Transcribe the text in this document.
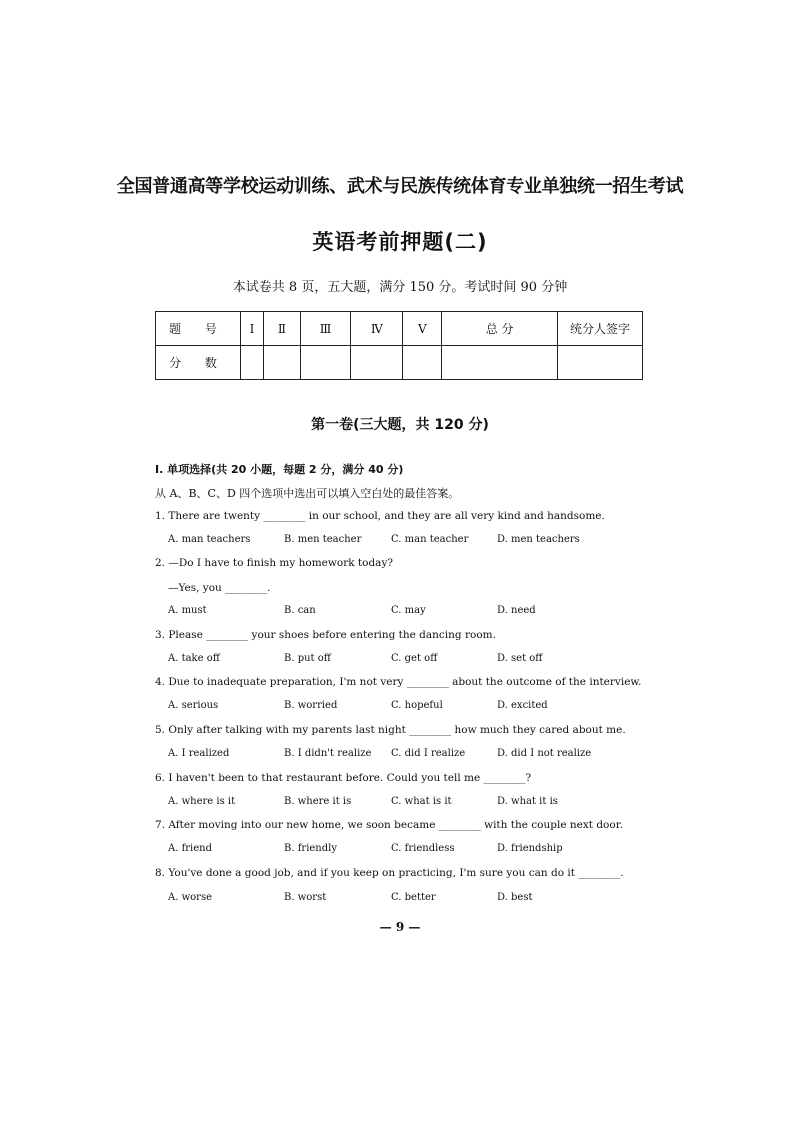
全国普通高等学校运动训练、武术与民族传统体育专业单独统一招生考试
英语考前押题(二)
本试卷共 8 页，五大题，满分 150 分。考试时间 90 分钟
题 号	Ⅰ	Ⅱ	Ⅲ	Ⅳ	Ⅴ	总 分	统分人签字
分 数							
第一卷(三大题，共 120 分)
Ⅰ. 单项选择(共 20 小题，每题 2 分，满分 40 分)
从 A、B、C、D 四个选项中选出可以填入空白处的最佳答案。
1. There are twenty ________ in our school, and they are all very kind and handsome.
A. man teachers	B. men teacher	C. man teacher	D. men teachers
2. —Do I have to finish my homework today?
—Yes, you ________.
A. must	B. can	C. may	D. need
3. Please ________ your shoes before entering the dancing room.
A. take off	B. put off	C. get off	D. set off
4. Due to inadequate preparation, I'm not very ________ about the outcome of the interview.
A. serious	B. worried	C. hopeful	D. excited
5. Only after talking with my parents last night ________ how much they cared about me.
A. I realized	B. I didn't realize C. did I realize	D. did I not realize
6. I haven't been to that restaurant before. Could you tell me ________?
A. where is it	B. where it is	C. what is it	D. what it is
7. After moving into our new home, we soon became ________ with the couple next door.
A. friend	B. friendly	C. friendless	D. friendship
8. You've done a good job, and if you keep on practicing, I'm sure you can do it ________.
A. worse	B. worst	C. better	D. best
— 9 —
